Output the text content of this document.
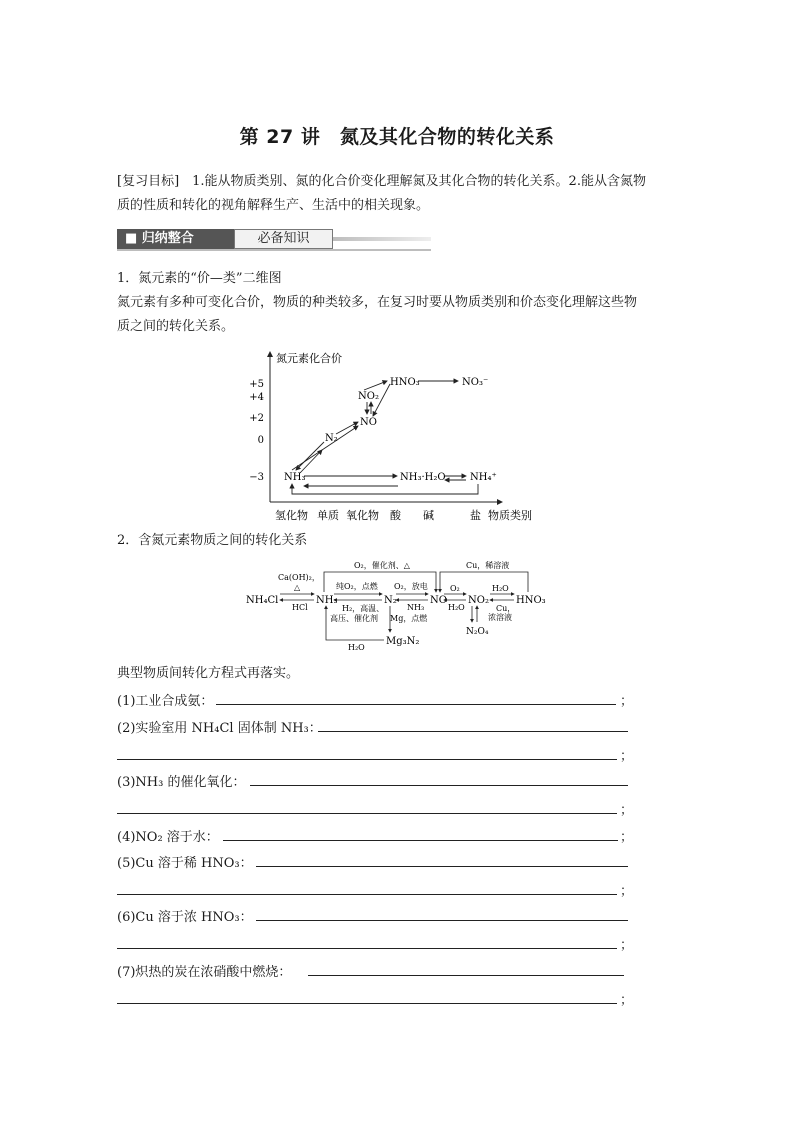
第 27 讲　氮及其化合物的转化关系
[复习目标]　1.能从物质类别、氮的化合价变化理解氮及其化合物的转化关系。2.能从含氮物
质的性质和转化的视角解释生产、生活中的相关现象。
■ 归纳整合	必备知识
1．氮元素的“价—类”二维图
氮元素有多种可变化合价，物质的种类较多，在复习时要从物质类别和价态变化理解这些物
质之间的转化关系。
氮元素化合价
+5
+4
+2
0
−3
氢化物 单质 氧化物 酸 碱	盐 物质类别
HNO₃	NO₃⁻
NO₂
NO
N₂
NH₃	NH₃·H₂O NH₄⁺
2．含氮元素物质之间的转化关系
NH₄Cl	NH₃	N₂	NO NO₂	HNO₃
N₂O₄
Mg₃N₂
Ca(OH)₂，
△
HCl
O₂，催化剂、△
纯O₂，点燃
H₂，高温、
高压、催化剂
O₂，放电
NH₃
Mg，点燃
O₂
H₂O
H₂O
Cu，
浓溶液
Cu，稀溶液
H₂O
典型物质间转化方程式再落实。
(1)工业合成氨：	；
(2)实验室用 NH₄Cl 固体制 NH₃：
；
(3)NH₃ 的催化氧化：
；
(4)NO₂ 溶于水：	；
(5)Cu 溶于稀 HNO₃：
；
(6)Cu 溶于浓 HNO₃：
；
(7)炽热的炭在浓硝酸中燃烧：
；
